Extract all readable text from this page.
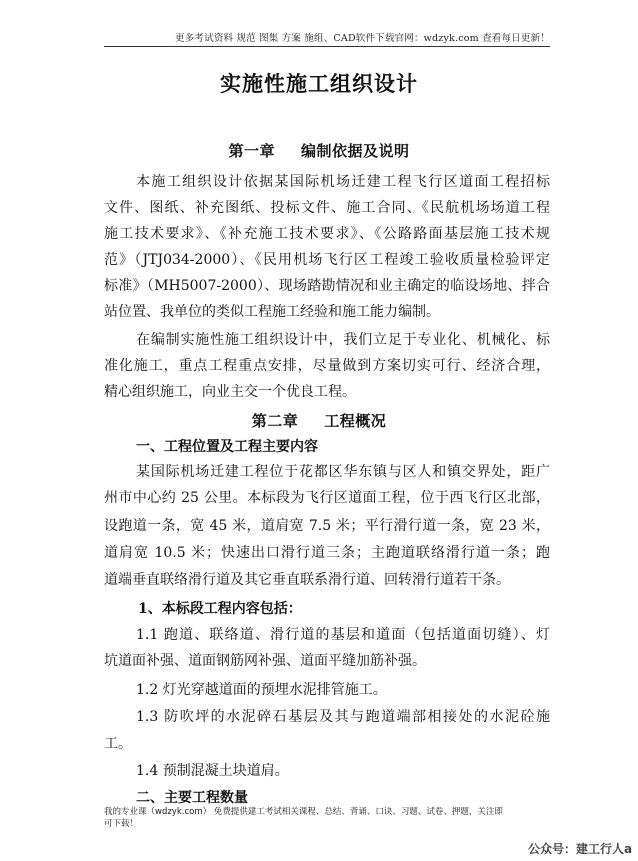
更多考试资料 规范 图集 方案 施组、CAD软件下载官网：wdzyk.com 查看每日更新！
实施性施工组织设计
第一章 编制依据及说明
本施工组织设计依据某国际机场迁建工程飞行区道面工程招标
文件、图纸、补充图纸、投标文件、施工合同、《民航机场场道工程
施工技术要求》、《补充施工技术要求》、《公路路面基层施工技术规
范》（JTJ034-2000）、《民用机场飞行区工程竣工验收质量检验评定
标准》（MH5007-2000）、现场踏勘情况和业主确定的临设场地、拌合
站位置、我单位的类似工程施工经验和施工能力编制。
在编制实施性施工组织设计中，我们立足于专业化、机械化、标
准化施工，重点工程重点安排，尽量做到方案切实可行、经济合理，
精心组织施工，向业主交一个优良工程。
第二章 工程概况
一、工程位置及工程主要内容
某国际机场迁建工程位于花都区华东镇与区人和镇交界处，距广
州市中心约 25 公里。本标段为飞行区道面工程，位于西飞行区北部，
设跑道一条，宽 45 米，道肩宽 7.5 米；平行滑行道一条，宽 23 米，
道肩宽 10.5 米；快速出口滑行道三条；主跑道联络滑行道一条；跑
道端垂直联络滑行道及其它垂直联系滑行道、回转滑行道若干条。
1、本标段工程内容包括：
1.1 跑道、联络道、滑行道的基层和道面（包括道面切缝）、灯
坑道面补强、道面钢筋网补强、道面平缝加筋补强。
1.2 灯光穿越道面的预埋水泥排管施工。
1.3 防吹坪的水泥碎石基层及其与跑道端部相接处的水泥砼施
工。
1.4 预制混凝土块道肩。
二、主要工程数量
我的专业课（wdzyk.com） 免费提供建工考试相关课程、总结、背诵、口诀、习题、试卷、押题，关注即
可下载！
公众号：建工行人a
